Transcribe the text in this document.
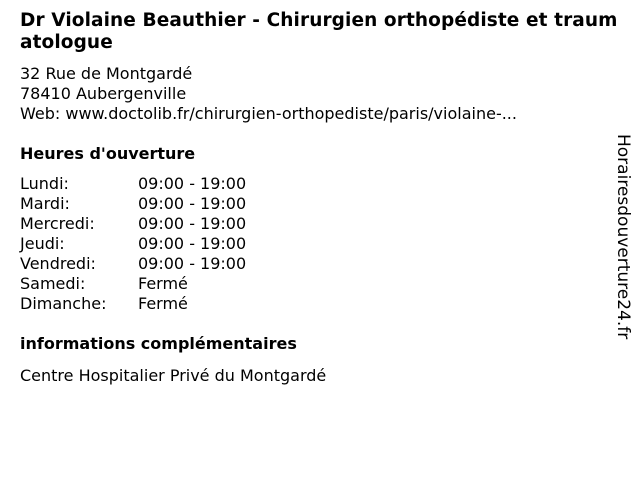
Dr Violaine Beauthier - Chirurgien orthopédiste et traumatologue
32 Rue de Montgardé
78410 Aubergenville
Web: www.doctolib.fr/chirurgien-orthopediste/paris/violaine-...
Heures d'ouverture
Lundi:	09:00 - 19:00
Mardi:	09:00 - 19:00
Mercredi:	09:00 - 19:00
Jeudi:	09:00 - 19:00
Vendredi:	09:00 - 19:00
Samedi:	Fermé
Dimanche:	Fermé
informations complémentaires
Centre Hospitalier Privé du Montgardé
Horairesdouverture24.fr
